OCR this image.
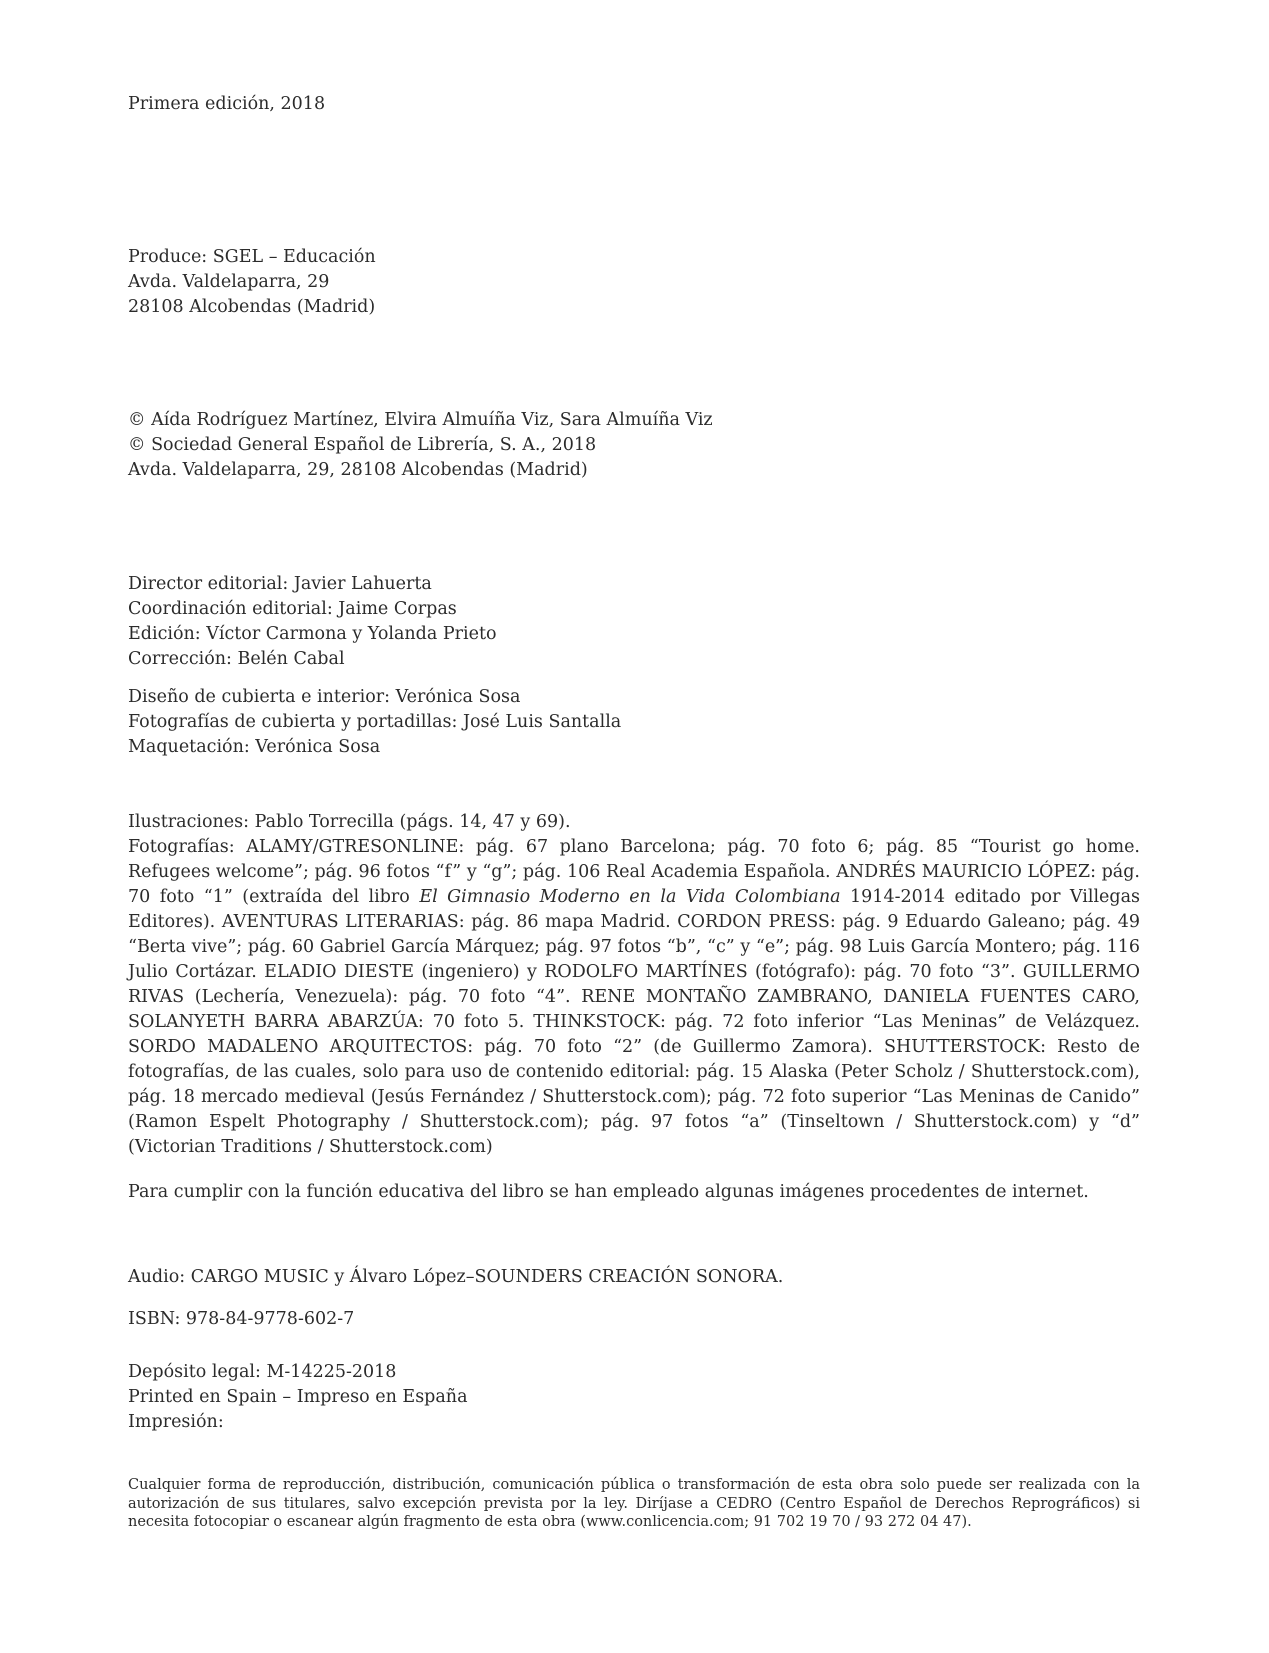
Primera edición, 2018

Produce: SGEL – Educación

Avda. Valdelaparra, 29

28108 Alcobendas (Madrid)

© Aída Rodríguez Martínez, Elvira Almuíña Viz, Sara Almuíña Viz

© Sociedad General Español de Librería, S. A., 2018

Avda. Valdelaparra, 29, 28108 Alcobendas (Madrid)

Director editorial: Javier Lahuerta

Coordinación editorial: Jaime Corpas

Edición: Víctor Carmona y Yolanda Prieto

Corrección: Belén Cabal

Diseño de cubierta e interior: Verónica Sosa

Fotografías de cubierta y portadillas: José Luis Santalla

Maquetación: Verónica Sosa

Ilustraciones: Pablo Torrecilla (págs. 14, 47 y 69).

Fotografías: ALAMY/GTRESONLINE: pág. 67 plano Barcelona; pág. 70 foto 6; pág. 85 “Tourist go home. Refugees welcome”; pág. 96 fotos “f” y “g”; pág. 106 Real Academia Española. ANDRÉS MAURICIO LÓPEZ: pág. 70 foto “1” (extraída del libro El Gimnasio Moderno en la Vida Colombiana 1914-2014 editado por Villegas Editores). AVENTURAS LITERARIAS: pág. 86 mapa Madrid. CORDON PRESS: pág. 9 Eduardo Galeano; pág. 49 “Berta vive”; pág. 60 Gabriel García Márquez; pág. 97 fotos “b”, “c” y “e”; pág. 98 Luis García Montero; pág. 116 Julio Cortázar. ELADIO DIESTE (ingeniero) y RODOLFO MARTÍNES (fotógrafo): pág. 70 foto “3”. GUILLERMO RIVAS (Lechería, Venezuela): pág. 70 foto “4”. RENE MONTAÑO ZAMBRANO, DANIELA FUENTES CARO, SOLANYETH BARRA ABARZÚA: 70 foto 5. THINKSTOCK: pág. 72 foto inferior “Las Meninas” de Velázquez. SORDO MADALENO ARQUITECTOS: pág. 70 foto “2” (de Guillermo Zamora). SHUTTERSTOCK: Resto de fotografías, de las cuales, solo para uso de contenido editorial: pág. 15 Alaska (Peter Scholz / Shutterstock.com), pág. 18 mercado medieval (Jesús Fernández / Shutterstock.com); pág. 72 foto superior “Las Meninas de Canido” (Ramon Espelt Photography / Shutterstock.com); pág. 97 fotos “a” (Tinseltown / Shutterstock.com) y “d” (Victorian Traditions / Shutterstock.com)

Para cumplir con la función educativa del libro se han empleado algunas imágenes procedentes de internet.

Audio: CARGO MUSIC y Álvaro López–SOUNDERS CREACIÓN SONORA.

ISBN: 978-84-9778-602-7

Depósito legal: M-14225-2018

Printed en Spain – Impreso en España

Impresión:

Cualquier forma de reproducción, distribución, comunicación pública o transformación de esta obra solo puede ser realizada con la autorización de sus titulares, salvo excepción prevista por la ley. Diríjase a CEDRO (Centro Español de Derechos Reprográficos) si necesita fotocopiar o escanear algún fragmento de esta obra (www.conlicencia.com; 91 702 19 70 / 93 272 04 47).
